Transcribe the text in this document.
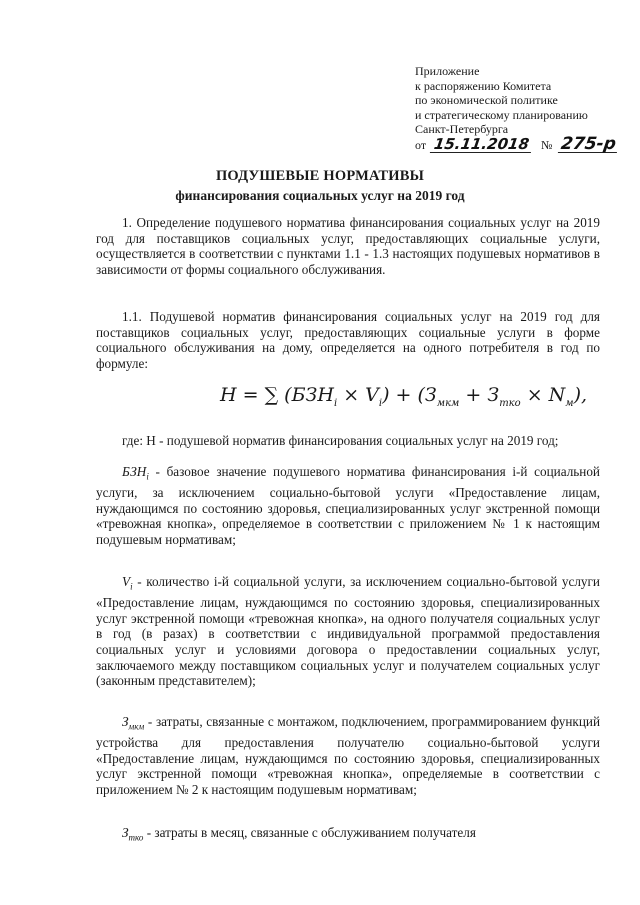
Приложение
к распоряжению Комитета
по экономической политике
и стратегическому планированию
Санкт-Петербурга
от 15.11.2018 № 275-р
ПОДУШЕВЫЕ НОРМАТИВЫ
финансирования социальных услуг на 2019 год

1. Определение подушевого норматива финансирования социальных услуг на 2019 год для поставщиков социальных услуг, предоставляющих социальные услуги, осуществляется в соответствии с пунктами 1.1 - 1.3 настоящих подушевых нормативов в зависимости от формы социального обслуживания.

1.1. Подушевой норматив финансирования социальных услуг на 2019 год для поставщиков социальных услуг, предоставляющих социальные услуги в форме социального обслуживания на дому, определяется на одного потребителя в год по формуле:

Н = ∑ $(БЗН_i \times V_i) + (З_{мкм} + З_{тко} \times N_м)$,

где: Н - подушевой норматив финансирования социальных услуг на 2019 год;

$БЗН_i$ - базовое значение подушевого норматива финансирования i-й социальной услуги, за исключением социально-бытовой услуги «Предоставление лицам, нуждающимся по состоянию здоровья, специализированных услуг экстренной помощи «тревожная кнопка», определяемое в соответствии с приложением № 1 к настоящим подушевым нормативам;

$V_i$ - количество i-й социальной услуги, за исключением социально-бытовой услуги «Предоставление лицам, нуждающимся по состоянию здоровья, специализированных услуг экстренной помощи «тревожная кнопка», на одного получателя социальных услуг в год (в разах) в соответствии с индивидуальной программой предоставления социальных услуг и условиями договора о предоставлении социальных услуг, заключаемого между поставщиком социальных услуг и получателем социальных услуг (законным представителем);

$З_{мкм}$ - затраты, связанные с монтажом, подключением, программированием функций устройства для предоставления получателю социально-бытовой услуги «Предоставление лицам, нуждающимся по состоянию здоровья, специализированных услуг экстренной помощи «тревожная кнопка», определяемые в соответствии с приложением № 2 к настоящим подушевым нормативам;

$З_{тко}$ - затраты в месяц, связанные с обслуживанием получателя
